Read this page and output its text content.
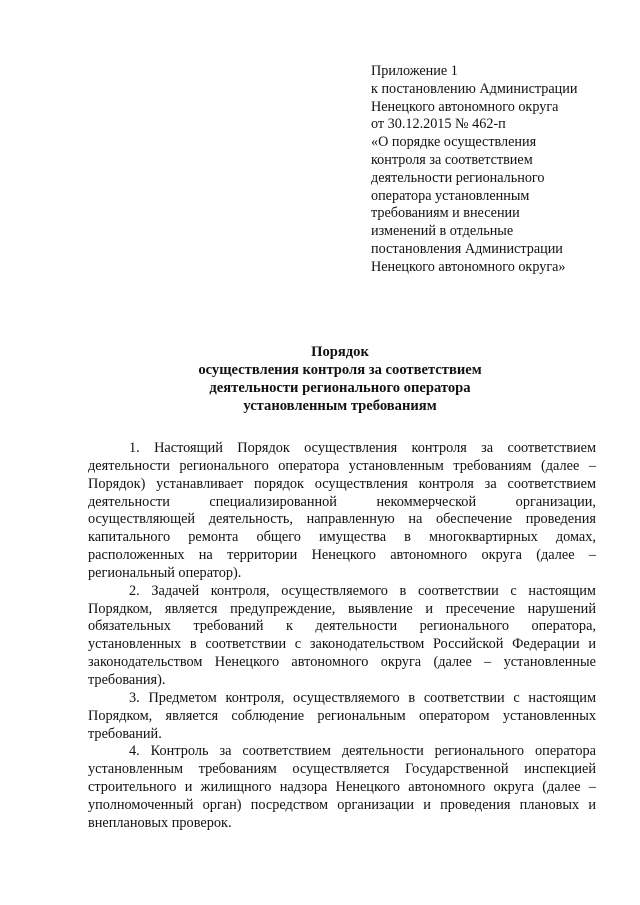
Приложение 1
к постановлению Администрации
Ненецкого автономного округа
от 30.12.2015 № 462-п
«О порядке осуществления
контроля за соответствием
деятельности регионального
оператора установленным
требованиям и внесении
изменений в отдельные
постановления Администрации
Ненецкого автономного округа»
Порядок
осуществления контроля за соответствием
деятельности регионального оператора
установленным требованиям

1. Настоящий Порядок осуществления контроля за соответствием деятельности регионального оператора установленным требованиям (далее – Порядок) устанавливает порядок осуществления контроля за соответствием деятельности специализированной некоммерческой организации, осуществляющей деятельность, направленную на обеспечение проведения капитального ремонта общего имущества в многоквартирных домах, расположенных на территории Ненецкого автономного округа (далее – региональный оператор).

2. Задачей контроля, осуществляемого в соответствии с настоящим Порядком, является предупреждение, выявление и пресечение нарушений обязательных требований к деятельности регионального оператора, установленных в соответствии с законодательством Российской Федерации и законодательством Ненецкого автономного округа (далее – установленные требования).

3. Предметом контроля, осуществляемого в соответствии с настоящим Порядком, является соблюдение региональным оператором установленных требований.

4. Контроль за соответствием деятельности регионального оператора установленным требованиям осуществляется Государственной инспекцией строительного и жилищного надзора Ненецкого автономного округа (далее – уполномоченный орган) посредством организации и проведения плановых и внеплановых проверок.
